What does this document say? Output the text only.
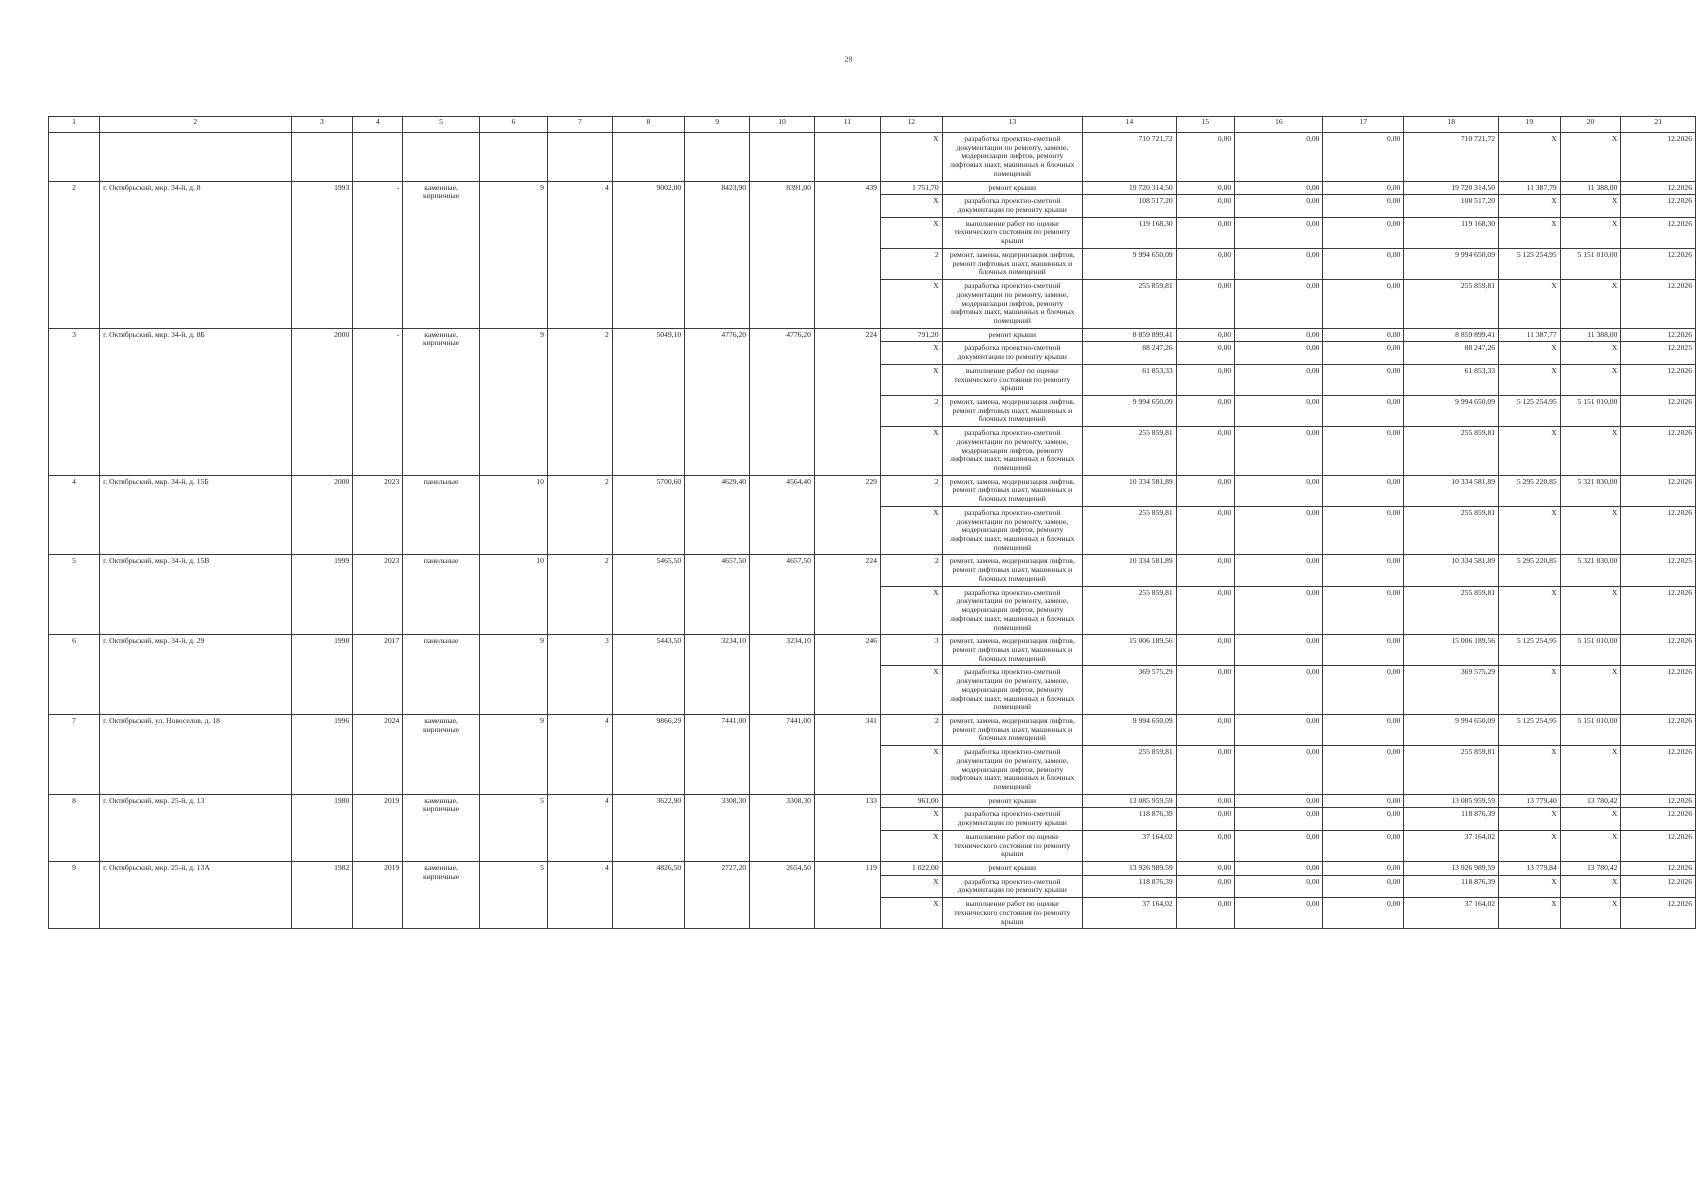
29
1	2	3	4	5	6	7	8	9	10	11	12	13	14	15	16	17	18	19	20	21
											X	разработка проектно-сметной документации по ремонту, замене, модернизации лифтов, ремонту лифтовых шахт, машинных и блочных помещений	710 721,72	0,00	0,00	0,00	710 721,72	X	X	12.2026
2	г. Октябрьский, мкр. 34-й, д. 8	1993	-	каменные, кирпичные	9	4	9002,00	8423,90	8391,00	439	1 751,70	ремонт крыши	19 720 314,50	0,00	0,00	0,00	19 720 314,50	11 387,79	11 388,00	12.2026
											X	разработка проектно-сметной документации по ремонту крыши	108 517,20	0,00	0,00	0,00	108 517,20	X	X	12.2026
											X	выполнение работ по оценке технического состояния по ремонту крыши	119 168,30	0,00	0,00	0,00	119 168,30	X	X	12.2026
											2	ремонт, замена, модернизация лифтов, ремонт лифтовых шахт, машинных и блочных помещений	9 994 650,09	0,00	0,00	0,00	9 994 650,09	5 125 254,95	5 151 010,00	12.2026
											X	разработка проектно-сметной документации по ремонту, замене, модернизации лифтов, ремонту лифтовых шахт, машинных и блочных помещений	255 859,81	0,00	0,00	0,00	255 859,81	X	X	12.2026
3	г. Октябрьский, мкр. 34-й, д. 8Б	2000	-	каменные, кирпичные	9	2	5049,10	4776,20	4776,20	224	791,20	ремонт крыши	8 859 899,41	0,00	0,00	0,00	8 859 899,41	11 387,77	11 388,00	12.2026
											X	разработка проектно-сметной документации по ремонту крыши	88 247,26	0,00	0,00	0,00	88 247,26	X	X	12.2025
											X	выполнение работ по оценке технического состояния по ремонту крыши	61 853,33	0,00	0,00	0,00	61 853,33	X	X	12.2026
											2	ремонт, замена, модернизация лифтов, ремонт лифтовых шахт, машинных и блочных помещений	9 994 650,09	0,00	0,00	0,00	9 994 650,09	5 125 254,95	5 151 010,00	12.2026
											X	разработка проектно-сметной документации по ремонту, замене, модернизации лифтов, ремонту лифтовых шахт, машинных и блочных помещений	255 859,81	0,00	0,00	0,00	255 859,81	X	X	12.2026
4	г. Октябрьский, мкр. 34-й, д. 15Б	2000	2023	панельные	10	2	5700,60	4629,40	4564,40	229	2	ремонт, замена, модернизация лифтов, ремонт лифтовых шахт, машинных и блочных помещений	10 334 581,89	0,00	0,00	0,00	10 334 581,89	5 295 220,85	5 321 830,00	12.2026
											X	разработка проектно-сметной документации по ремонту, замене, модернизации лифтов, ремонту лифтовых шахт, машинных и блочных помещений	255 859,81	0,00	0,00	0,00	255 859,81	X	X	12.2026
5	г. Октябрьский, мкр. 34-й, д. 15В	1999	2023	панельные	10	2	5465,50	4657,50	4657,50	224	2	ремонт, замена, модернизация лифтов, ремонт лифтовых шахт, машинных и блочных помещений	10 334 581,89	0,00	0,00	0,00	10 334 581,89	5 295 220,85	5 321 830,00	12.2025
											X	разработка проектно-сметной документации по ремонту, замене, модернизации лифтов, ремонту лифтовых шахт, машинных и блочных помещений	255 859,81	0,00	0,00	0,00	255 859,81	X	X	12.2026
6	г. Октябрьский, мкр. 34-й, д. 29	1998	2017	панельные	9	3	5443,50	3234,10	3234,10	246	3	ремонт, замена, модернизация лифтов, ремонт лифтовых шахт, машинных и блочных помещений	15 006 189,56	0,00	0,00	0,00	15 006 189,56	5 125 254,95	5 151 010,00	12.2026
											X	разработка проектно-сметной документации по ремонту, замене, модернизации лифтов, ремонту лифтовых шахт, машинных и блочных помещений	369 575,29	0,00	0,00	0,00	369 575,29	X	X	12.2026
7	г. Октябрьский, ул. Новоселов, д. 18	1996	2024	каменные, кирпичные	9	4	9866,29	7441,00	7441,00	341	2	ремонт, замена, модернизация лифтов, ремонт лифтовых шахт, машинных и блочных помещений	9 994 650,09	0,00	0,00	0,00	9 994 650,09	5 125 254,95	5 151 010,00	12.2026
											X	разработка проектно-сметной документации по ремонту, замене, модернизации лифтов, ремонту лифтовых шахт, машинных и блочных помещений	255 859,81	0,00	0,00	0,00	255 859,81	X	X	12.2026
8	г. Октябрьский, мкр. 25-й, д. 13	1980	2019	каменные, кирпичные	5	4	3622,90	3308,30	3308,30	133	961,00	ремонт крыши	13 085 959,59	0,00	0,00	0,00	13 085 959,59	13 779,40	13 780,42	12.2026
											X	разработка проектно-сметной документации по ремонту крыши	118 876,39	0,00	0,00	0,00	118 876,39	X	X	12.2026
											X	выполнение работ по оценке технического состояния по ремонту крыши	37 164,02	0,00	0,00	0,00	37 164,02	X	X	12.2026
9	г. Октябрьский, мкр. 25-й, д. 13А	1982	2019	каменные, кирпичные	5	4	4826,50	2727,20	2654,50	119	1 022,00	ремонт крыши	13 926 989,59	0,00	0,00	0,00	13 926 989,59	13 779,84	13 780,42	12.2026
											X	разработка проектно-сметной документации по ремонту крыши	118 876,39	0,00	0,00	0,00	118 876,39	X	X	12.2026
											X	выполнение работ по оценке технического состояния по ремонту крыши	37 164,02	0,00	0,00	0,00	37 164,02	X	X	12.2026
